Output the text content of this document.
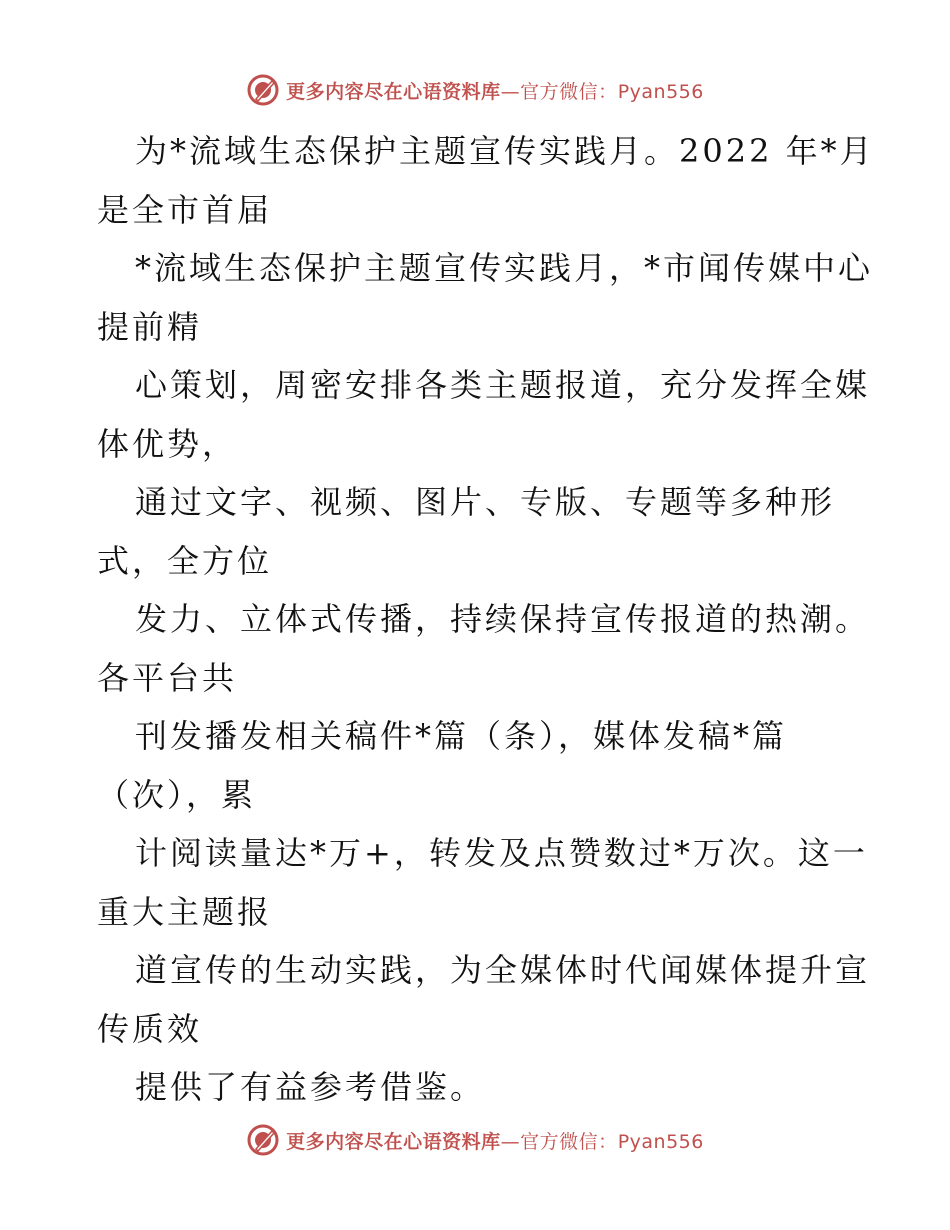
更多内容尽在心语资料库—官方微信：Pyan556
为*流域生态保护主题宣传实践月。2022 年*月
是全市首届
*流域生态保护主题宣传实践月，*市闻传媒中心
提前精
心策划，周密安排各类主题报道，充分发挥全媒
体优势，
通过文字、视频、图片、专版、专题等多种形
式，全方位
发力、立体式传播，持续保持宣传报道的热潮。
各平台共
刊发播发相关稿件*篇（条），媒体发稿*篇
（次），累
计阅读量达*万+，转发及点赞数过*万次。这一
重大主题报
道宣传的生动实践，为全媒体时代闻媒体提升宣
传质效
提供了有益参考借鉴。
更多内容尽在心语资料库—官方微信：Pyan556
